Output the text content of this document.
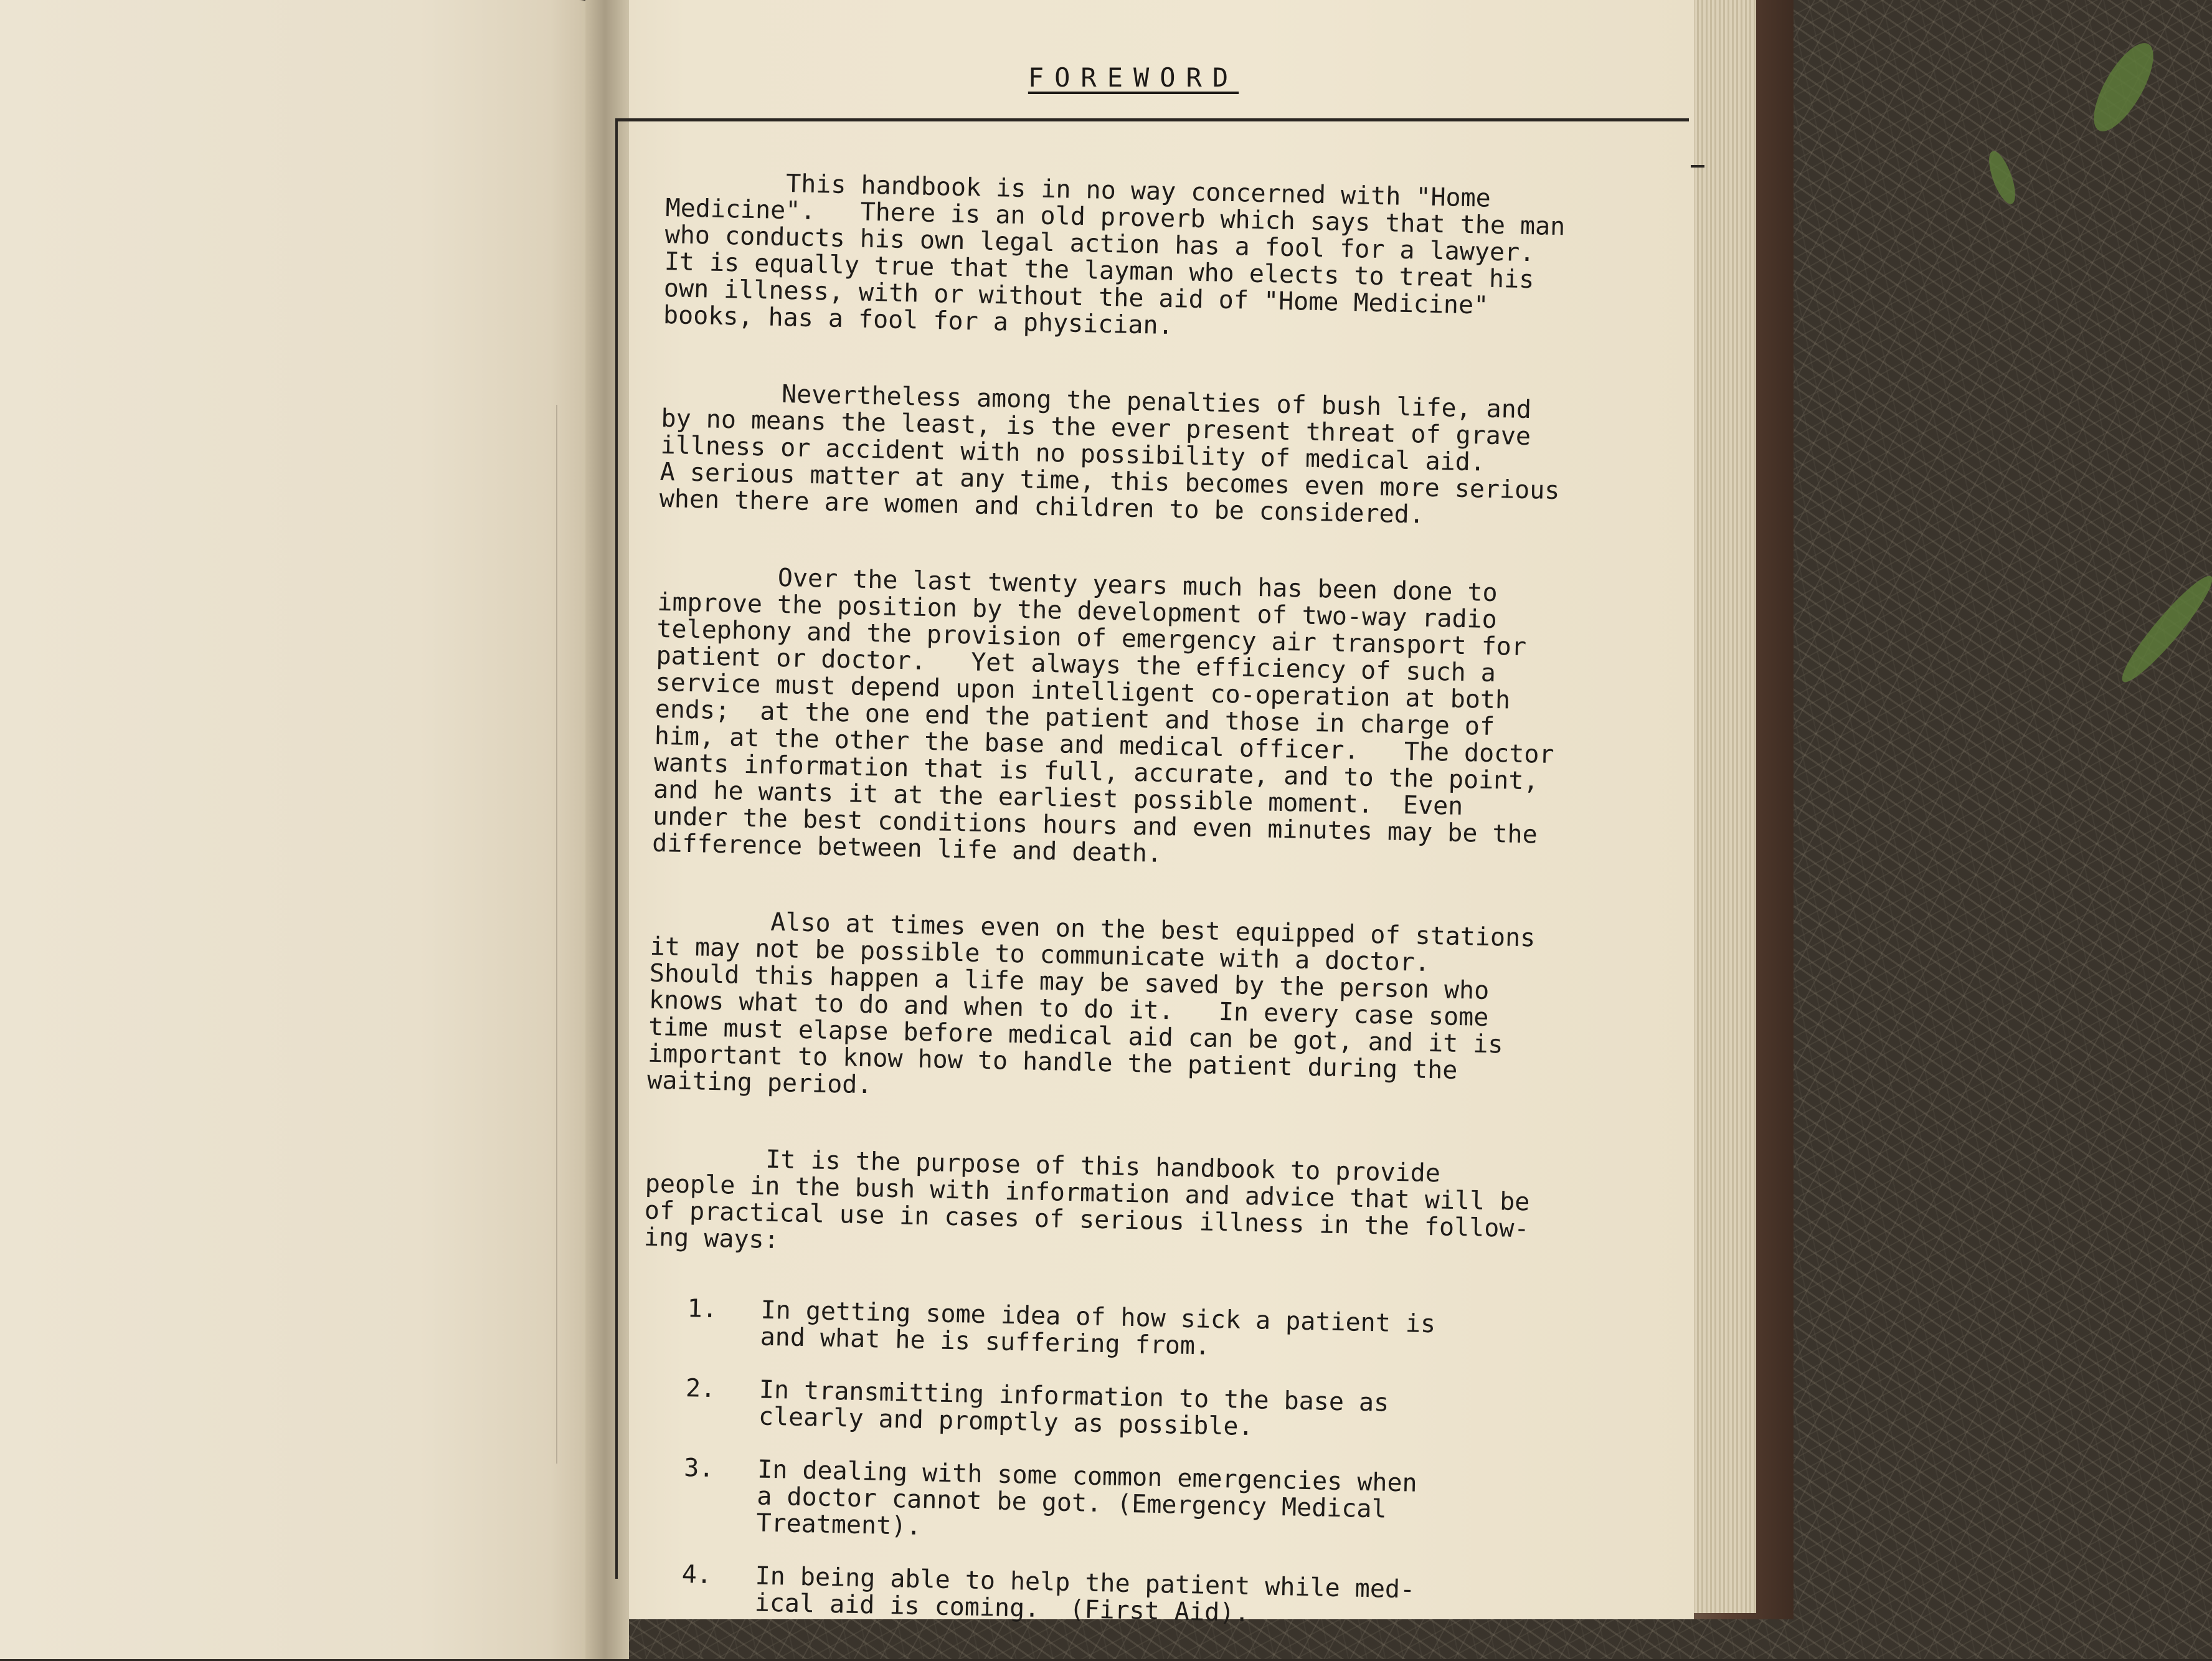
FOREWORD

This handbook is in no way concerned with "Home
Medicine".   There is an old proverb which says that the man
who conducts his own legal action has a fool for a lawyer.
It is equally true that the layman who elects to treat his
own illness, with or without the aid of "Home Medicine"
books, has a fool for a physician.

Nevertheless among the penalties of bush life, and
by no means the least, is the ever present threat of grave
illness or accident with no possibility of medical aid.
A serious matter at any time, this becomes even more serious
when there are women and children to be considered.

Over the last twenty years much has been done to
improve the position by the development of two-way radio
telephony and the provision of emergency air transport for
patient or doctor.   Yet always the efficiency of such a
service must depend upon intelligent co-operation at both
ends;  at the one end the patient and those in charge of
him, at the other the base and medical officer.   The doctor
wants information that is full, accurate, and to the point,
and he wants it at the earliest possible moment.  Even
under the best conditions hours and even minutes may be the
difference between life and death.

Also at times even on the best equipped of stations
it may not be possible to communicate with a doctor.
Should this happen a life may be saved by the person who
knows what to do and when to do it.   In every case some
time must elapse before medical aid can be got, and it is
important to know how to handle the patient during the
waiting period.

It is the purpose of this handbook to provide
people in the bush with information and advice that will be
of practical use in cases of serious illness in the follow-
ing ways:

1.	In getting some idea of how sick a patient is
and what he is suffering from.
2.	In transmitting information to the base as
clearly and promptly as possible.
3.	In dealing with some common emergencies when
a doctor cannot be got. (Emergency Medical
Treatment).
4.	In being able to help the patient while med-
ical aid is coming.  (First Aid).
